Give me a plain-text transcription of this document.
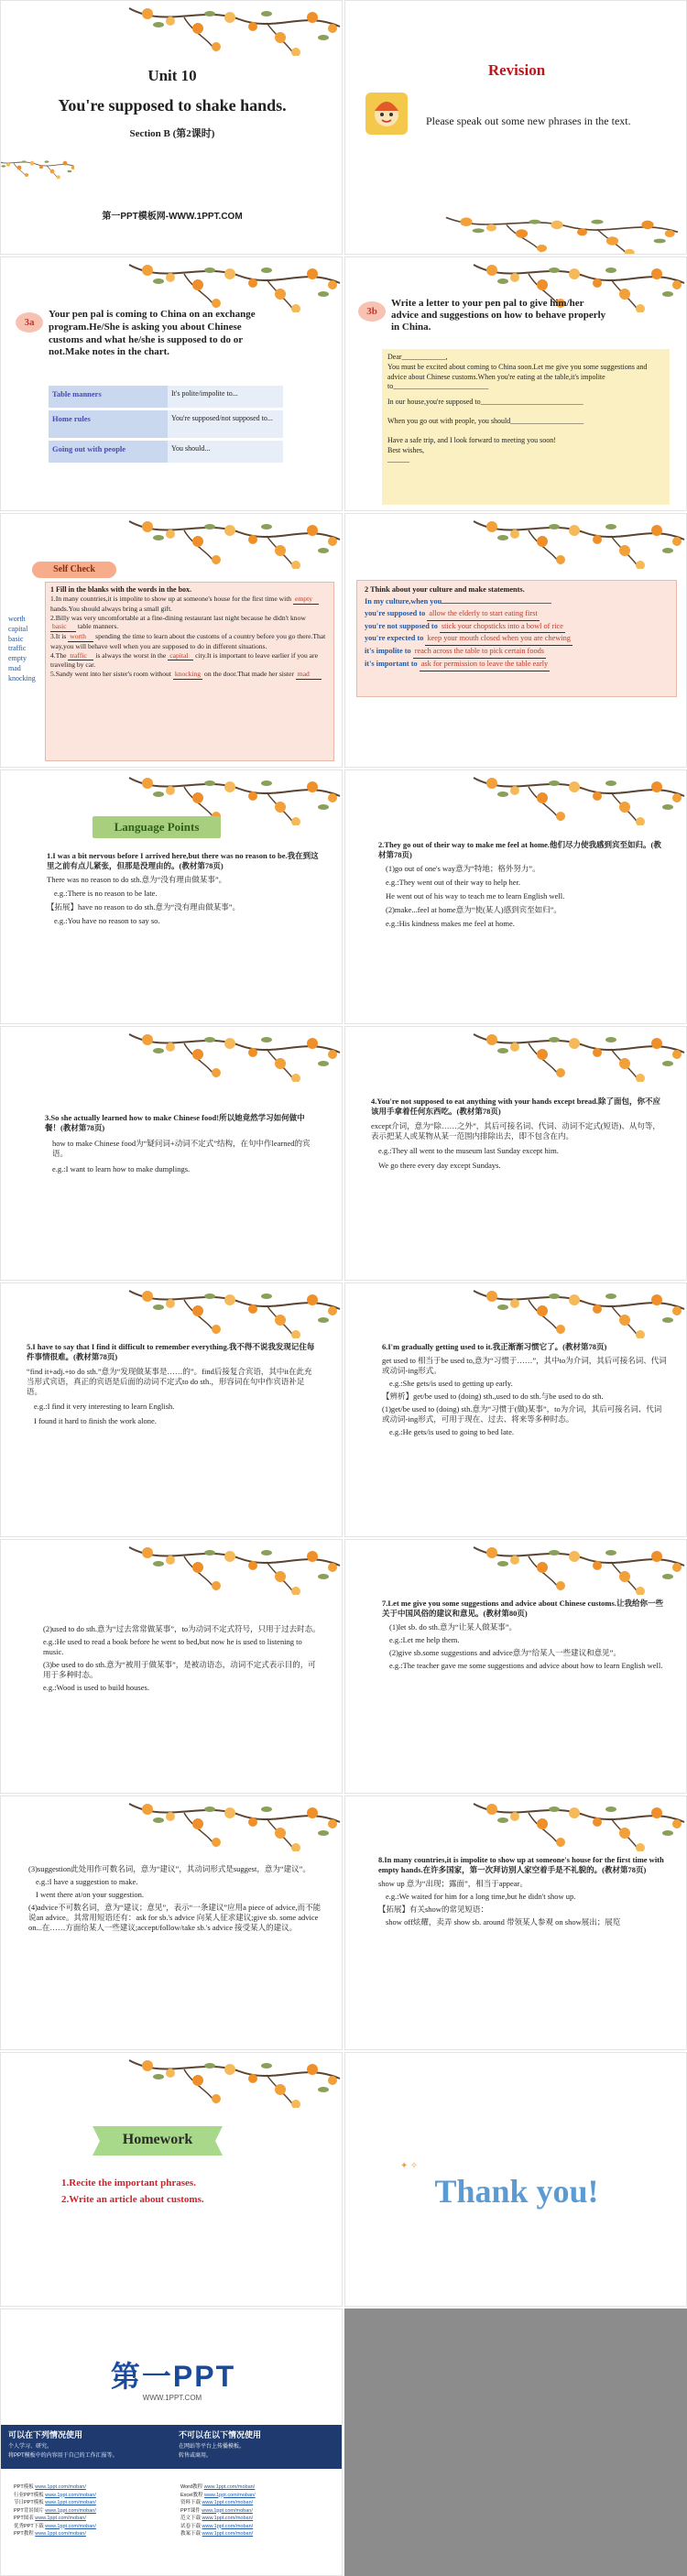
Unit 10
You're supposed to shake hands.
Section B (第2课时)
第一PPT模板网-WWW.1PPT.COM
Revision
Please speak out some new phrases in the text.
3a
Your pen pal is coming to China on an exchange program.He/She is asking you about Chinese customs and what he/she is supposed to do or not.Make notes in the chart.
Table manners	It's polite/impolite to...
Home rules	You're supposed/not supposed to...
Going out with people	You should...
3b
Write a letter to your pen pal to give him/her advice and suggestions on how to behave properly in China.
Dear____________,
You must be excited about coming to China soon.Let me give you some suggestions and advice about Chinese customs.When you're eating at the table,it's impolite to__________________________
In our house,you're supposed to____________________________
When you go out with people, you should____________________
Have a safe trip, and I look forward to meeting you soon!
Best wishes,
______
Self Check
worth
capital
basic
traffic
empty
mad
knocking
1 Fill in the blanks with the words in the box.
1.In many countries,it is impolite to show up at someone's house for the first time with empty hands.You should always bring a small gift.
2.Billy was very uncomfortable at a fine-dining restaurant last night because he didn't know basic table manners.
3.It is worth spending the time to learn about the customs of a country before you go there.That way,you will behave well when you are supposed to do in different situations.
4.The traffic is always the worst in the capital city.It is important to leave earlier if you are traveling by car.
5.Sandy went into her sister's room without knocking on the door.That made her sister mad
2 Think about your culture and make statements.
In my culture,when you
you're supposed to allow the elderly to start eating first
you're not supposed to stick your chopsticks into a bowl of rice
you're expected to keep your mouth closed when you are chewing
it's impolite to reach across the table to pick certain foods
it's important to ask for permission to leave the table early
Language Points
1.I was a bit nervous before I arrived here,but there was no reason to be.我在到这里之前有点儿紧张，但那是没理由的。(教材第78页)
There was no reason to do sth.意为“没有理由做某事”。
e.g.:There is no reason to be late.
【拓展】have no reason to do sth.意为“没有理由做某事”。
e.g.:You have no reason to say so.
2.They go out of their way to make me feel at home.他们尽力使我感到宾至如归。(教材第78页)
(1)go out of one's way意为“特地；格外努力”。
e.g.:They went out of their way to help her.
He went out of his way to teach me to learn English well.
(2)make...feel at home意为“使(某人)感到宾至如归”。
e.g.:His kindness makes me feel at home.
3.So she actually learned how to make Chinese food!所以她竟然学习如何做中餐！(教材第78页)
how to make Chinese food为“疑问词+动词不定式”结构，在句中作learned的宾语。
e.g.:I want to learn how to make dumplings.
4.You're not supposed to eat anything with your hands except bread.除了面包，你不应该用手拿着任何东西吃。(教材第78页)
except介词，意为“除……之外”，其后可接名词、代词、动词不定式(短语)、从句等，表示把某人或某物从某一范围内排除出去，即不包含在内。
e.g.:They all went to the museum last Sunday except him.
We go there every day except Sundays.
5.I have to say that I find it difficult to remember everything.我不得不说我发现记住每件事情很难。(教材第78页)
“find it+adj.+to do sth.”意为“发现做某事是……的”。find后接复合宾语，其中it在此充当形式宾语，真正的宾语是后面的动词不定式to do sth.，形容词在句中作宾语补足语。
e.g.:I find it very interesting to learn English.
I found it hard to finish the work alone.
6.I'm gradually getting used to it.我正渐渐习惯它了。(教材第78页)
get used to 相当于be used to,意为“习惯于……”，其中to为介词，其后可接名词、代词或动词-ing形式。
e.g.:She gets/is used to getting up early.
【辨析】get/be used to (doing) sth.,used to do sth.与be used to do sth.
(1)get/be used to (doing) sth.意为“习惯于(做)某事”，to为介词，其后可接名词、代词或动词-ing形式，可用于现在、过去、将来等多种时态。
e.g.:He gets/is used to going to bed late.
(2)used to do sth.意为“过去常常做某事”，to为动词不定式符号，只用于过去时态。
e.g.:He used to read a book before he went to bed,but now he is used to listening to music.
(3)be used to do sth.意为“被用于做某事”，是被动语态，动词不定式表示目的，可用于多种时态。
e.g.:Wood is used to build houses.
7.Let me give you some suggestions and advice about Chinese customs.让我给你一些关于中国风俗的建议和意见。(教材第80页)
(1)let sb. do sth.意为“让某人做某事”。
e.g.:Let me help them.
(2)give sb.some suggestions and advice意为“给某人一些建议和意见”。
e.g.:The teacher gave me some suggestions and advice about how to learn English well.
(3)suggestion此处用作可数名词，意为“建议”，其动词形式是suggest，意为“建议”。
e.g.:I have a suggestion to make.
I went there at/on your suggestion.
(4)advice不可数名词，意为“建议；意见”，表示“一条建议”应用a piece of advice,而不能说an advice。其常用短语还有：ask for sb.'s advice 向某人征求建议;give sb. some advice on...在……方面给某人一些建议;accept/follow/take sb.'s advice 接受某人的建议。
8.In many countries,it is impolite to show up at someone's house for the first time with empty hands.在许多国家，第一次拜访别人家空着手是不礼貌的。(教材第78页)
show up 意为“出现；露面”，相当于appear。
e.g.:We waited for him for a long time,but he didn't show up.
【拓展】有关show的常见短语：
show off炫耀，卖弄 show sb. around 带领某人参观 on show展出；展览
Homework
1.Recite the important phrases.
2.Write an article about customs.
✦ ✧
Thank you!
第一PPT
WWW.1PPT.COM
可以在下列情况使用
个人学习、研究。
将PPT模板中的内容用于自己的工作汇报等。
不可以在以下情况使用
在网站等平台上传播模板。
转售或商用。
PPT模板 www.1ppt.com/moban/
行业PPT模板 www.1ppt.com/moban/
节日PPT模板 www.1ppt.com/moban/
PPT背景图片 www.1ppt.com/moban/
PPT图表 www.1ppt.com/moban/
优秀PPT下载 www.1ppt.com/moban/
PPT教程 www.1ppt.com/moban/
Word教程 www.1ppt.com/moban/
Excel教程 www.1ppt.com/moban/
资料下载 www.1ppt.com/moban/
PPT课件 www.1ppt.com/moban/
范文下载 www.1ppt.com/moban/
试卷下载 www.1ppt.com/moban/
教案下载 www.1ppt.com/moban/
